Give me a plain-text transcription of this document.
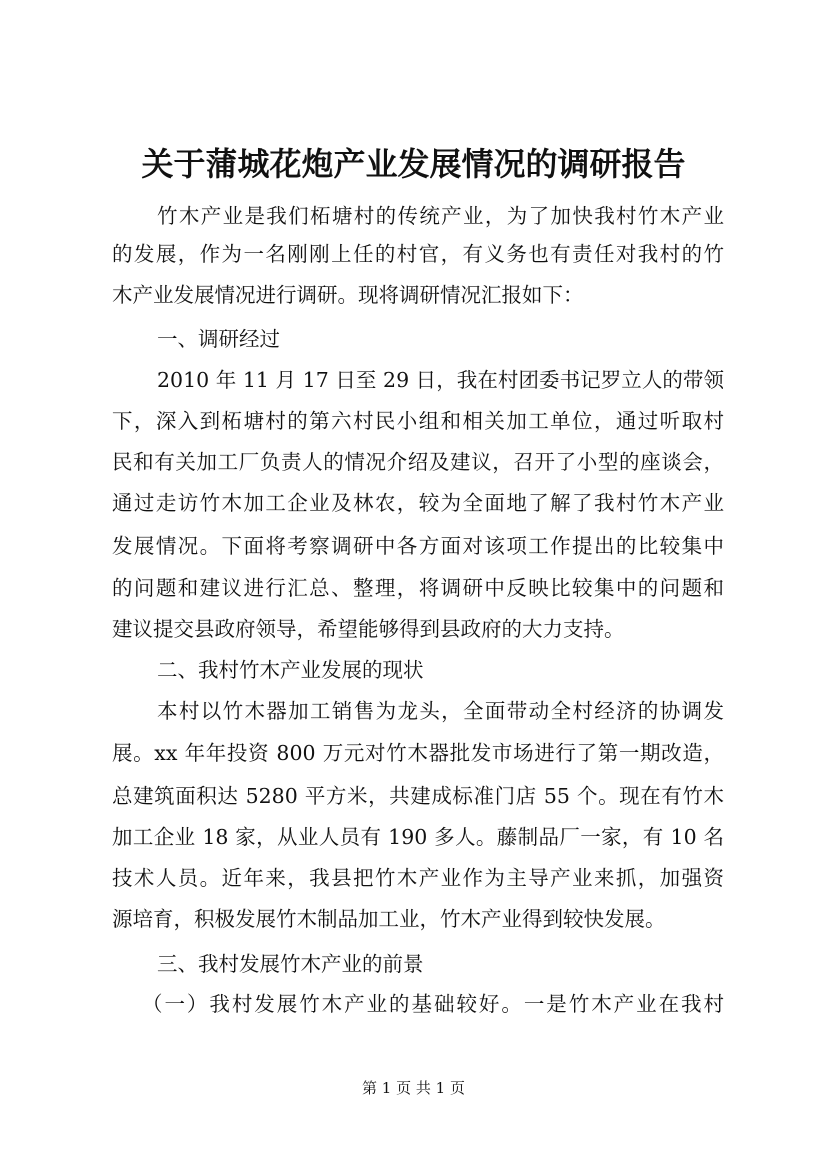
关于蒲城花炮产业发展情况的调研报告
竹木产业是我们柘塘村的传统产业，为了加快我村竹木产业
的发展，作为一名刚刚上任的村官，有义务也有责任对我村的竹
木产业发展情况进行调研。现将调研情况汇报如下：
一、调研经过
2010 年 11 月 17 日至 29 日，我在村团委书记罗立人的带领
下，深入到柘塘村的第六村民小组和相关加工单位，通过听取村
民和有关加工厂负责人的情况介绍及建议，召开了小型的座谈会，
通过走访竹木加工企业及林农，较为全面地了解了我村竹木产业
发展情况。下面将考察调研中各方面对该项工作提出的比较集中
的问题和建议进行汇总、整理，将调研中反映比较集中的问题和
建议提交县政府领导，希望能够得到县政府的大力支持。
二、我村竹木产业发展的现状
本村以竹木器加工销售为龙头，全面带动全村经济的协调发
展。xx 年年投资 800 万元对竹木器批发市场进行了第一期改造，
总建筑面积达 5280 平方米，共建成标准门店 55 个。现在有竹木
加工企业 18 家，从业人员有 190 多人。藤制品厂一家，有 10 名
技术人员。近年来，我县把竹木产业作为主导产业来抓，加强资
源培育，积极发展竹木制品加工业，竹木产业得到较快发展。
三、我村发展竹木产业的前景
（一）我村发展竹木产业的基础较好。一是竹木产业在我村
第 1 页 共 1 页
